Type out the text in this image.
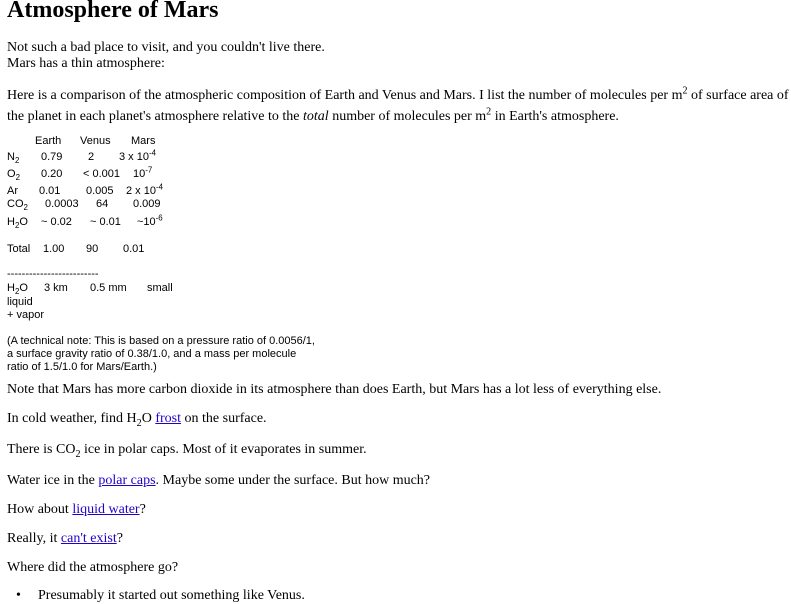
Atmosphere of Mars
Not such a bad place to visit, and you couldn't live there.
Mars has a thin atmosphere:
Here is a comparison of the atmospheric composition of Earth and Venus and Mars. I list the number of molecules per $m^2$ of surface area of the planet in each planet's atmosphere relative to the total number of molecules per $m^2$ in Earth's atmosphere.
Earth Venus Mars
$N_2$ 0.79 2 3 x $10^{-4}$
$O_2$ 0.20 < 0.001 $10^{-7}$
Ar 0.01 0.005 2 x $10^{-4}$
$CO_2$ 0.0003 64 0.009
$H_2O$ ~ 0.02 ~ 0.01 $\sim 10^{-6}$
Total 1.00 90 0.01
-------------------------
$H_2O$ 3 km 0.5 mm small
liquid
+ vapor
(A technical note: This is based on a pressure ratio of 0.0056/1,
a surface gravity ratio of 0.38/1.0, and a mass per molecule
ratio of 1.5/1.0 for Mars/Earth.)
Note that Mars has more carbon dioxide in its atmosphere than does Earth, but Mars has a lot less of everything else.
In cold weather, find $H_2O$ frost on the surface.
There is $CO_2$ ice in polar caps. Most of it evaporates in summer.
Water ice in the polar caps. Maybe some under the surface. But how much?
How about liquid water?
Really, it can't exist?
Where did the atmosphere go?
• Presumably it started out something like Venus.
